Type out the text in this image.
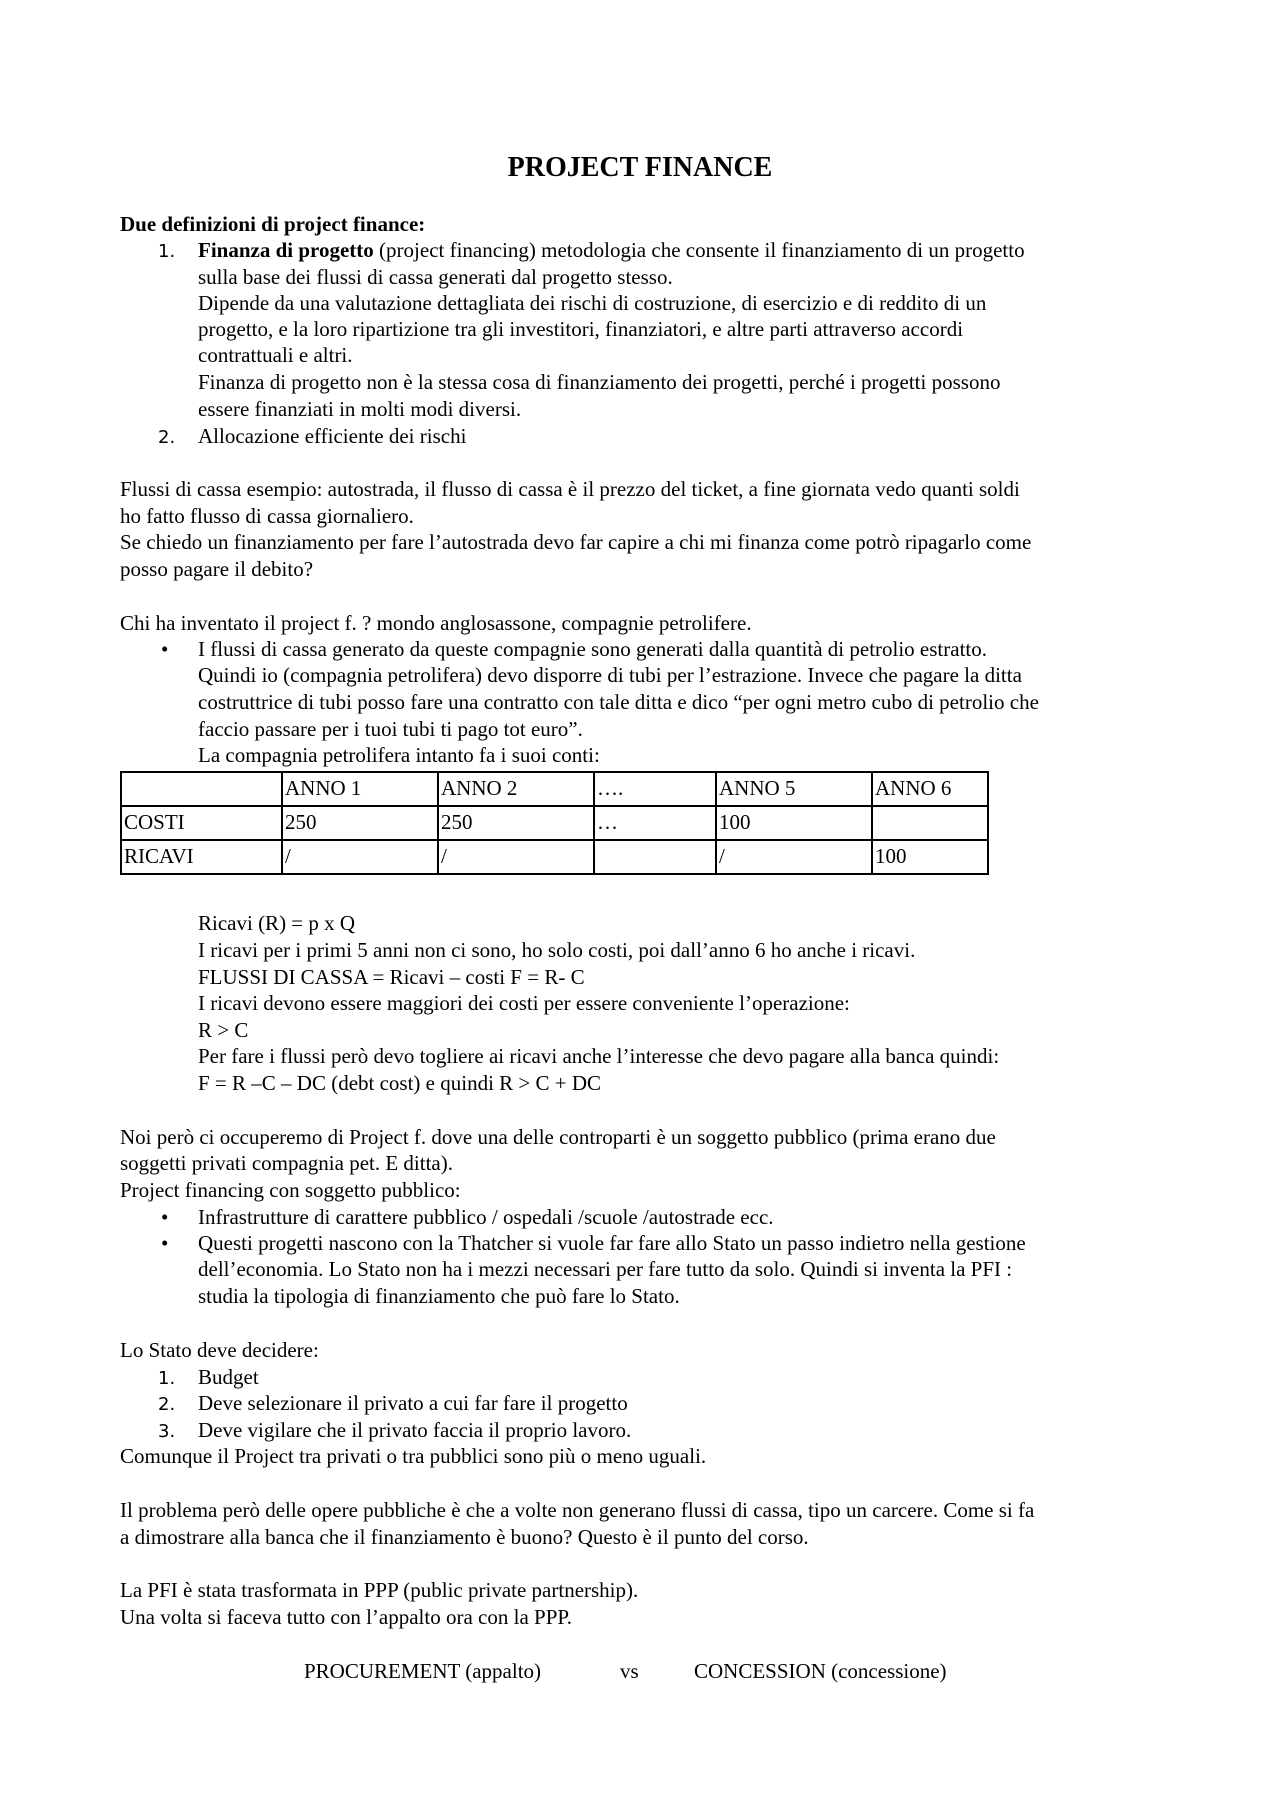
PROJECT FINANCE
Due definizioni di project finance:
1. Finanza di progetto (project financing) metodologia che consente il finanziamento di un progetto
sulla base dei flussi di cassa generati dal progetto stesso.
Dipende da una valutazione dettagliata dei rischi di costruzione, di esercizio e di reddito di un
progetto, e la loro ripartizione tra gli investitori, finanziatori, e altre parti attraverso accordi
contrattuali e altri.
Finanza di progetto non è la stessa cosa di finanziamento dei progetti, perché i progetti possono
essere finanziati in molti modi diversi.
2. Allocazione efficiente dei rischi
Flussi di cassa esempio: autostrada, il flusso di cassa è il prezzo del ticket, a fine giornata vedo quanti soldi
ho fatto flusso di cassa giornaliero.
Se chiedo un finanziamento per fare l’autostrada devo far capire a chi mi finanza come potrò ripagarlo come
posso pagare il debito?
Chi ha inventato il project f. ? mondo anglosassone, compagnie petrolifere.
• I flussi di cassa generato da queste compagnie sono generati dalla quantità di petrolio estratto.
Quindi io (compagnia petrolifera) devo disporre di tubi per l’estrazione. Invece che pagare la ditta
costruttrice di tubi posso fare una contratto con tale ditta e dico “per ogni metro cubo di petrolio che
faccio passare per i tuoi tubi ti pago tot euro”.
La compagnia petrolifera intanto fa i suoi conti:
	ANNO 1	ANNO 2	….	ANNO 5	ANNO 6
COSTI	250	250	…	100	
RICAVI	/	/		/	100
Ricavi (R) = p x Q
I ricavi per i primi 5 anni non ci sono, ho solo costi, poi dall’anno 6 ho anche i ricavi.
FLUSSI DI CASSA = Ricavi – costi F = R- C
I ricavi devono essere maggiori dei costi per essere conveniente l’operazione:
R > C
Per fare i flussi però devo togliere ai ricavi anche l’interesse che devo pagare alla banca quindi:
F = R –C – DC (debt cost) e quindi R > C + DC
Noi però ci occuperemo di Project f. dove una delle controparti è un soggetto pubblico (prima erano due
soggetti privati compagnia pet. E ditta).
Project financing con soggetto pubblico:
• Infrastrutture di carattere pubblico / ospedali /scuole /autostrade ecc.
• Questi progetti nascono con la Thatcher si vuole far fare allo Stato un passo indietro nella gestione
dell’economia. Lo Stato non ha i mezzi necessari per fare tutto da solo. Quindi si inventa la PFI :
studia la tipologia di finanziamento che può fare lo Stato.
Lo Stato deve decidere:
1. Budget
2. Deve selezionare il privato a cui far fare il progetto
3. Deve vigilare che il privato faccia il proprio lavoro.
Comunque il Project tra privati o tra pubblici sono più o meno uguali.
Il problema però delle opere pubbliche è che a volte non generano flussi di cassa, tipo un carcere. Come si fa
a dimostrare alla banca che il finanziamento è buono? Questo è il punto del corso.
La PFI è stata trasformata in PPP (public private partnership).
Una volta si faceva tutto con l’appalto ora con la PPP.
PROCUREMENT (appalto)	vs	CONCESSION (concessione)
